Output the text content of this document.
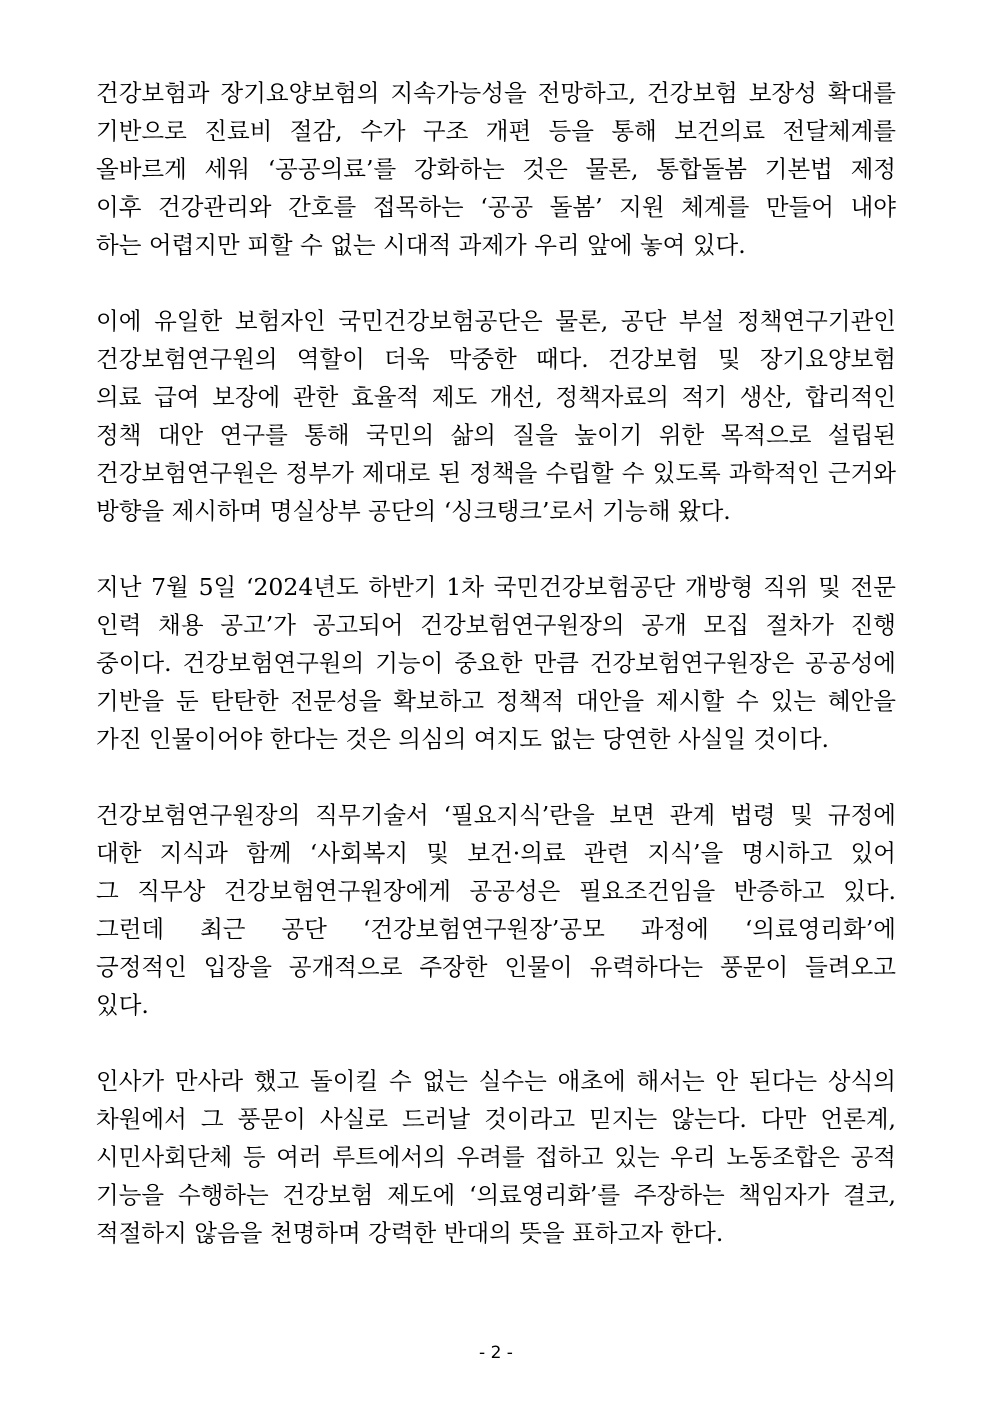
건강보험과 장기요양보험의 지속가능성을 전망하고, 건강보험 보장성 확대를
기반으로 진료비 절감, 수가 구조 개편 등을 통해 보건의료 전달체계를
올바르게 세워 ‘공공의료’를 강화하는 것은 물론, 통합돌봄 기본법 제정
이후 건강관리와 간호를 접목하는 ‘공공 돌봄’ 지원 체계를 만들어 내야
하는 어렵지만 피할 수 없는 시대적 과제가 우리 앞에 놓여 있다.
이에 유일한 보험자인 국민건강보험공단은 물론, 공단 부설 정책연구기관인
건강보험연구원의 역할이 더욱 막중한 때다. 건강보험 및 장기요양보험
의료 급여 보장에 관한 효율적 제도 개선, 정책자료의 적기 생산, 합리적인
정책 대안 연구를 통해 국민의 삶의 질을 높이기 위한 목적으로 설립된
건강보험연구원은 정부가 제대로 된 정책을 수립할 수 있도록 과학적인 근거와
방향을 제시하며 명실상부 공단의 ‘싱크탱크’로서 기능해 왔다.
지난 7월 5일 ‘2024년도 하반기 1차 국민건강보험공단 개방형 직위 및 전문
인력 채용 공고’가 공고되어 건강보험연구원장의 공개 모집 절차가 진행
중이다. 건강보험연구원의 기능이 중요한 만큼 건강보험연구원장은 공공성에
기반을 둔 탄탄한 전문성을 확보하고 정책적 대안을 제시할 수 있는 혜안을
가진 인물이어야 한다는 것은 의심의 여지도 없는 당연한 사실일 것이다.
건강보험연구원장의 직무기술서 ‘필요지식’란을 보면 관계 법령 및 규정에
대한 지식과 함께 ‘사회복지 및 보건·의료 관련 지식’을 명시하고 있어
그 직무상 건강보험연구원장에게 공공성은 필요조건임을 반증하고 있다.
그런데 최근 공단 ‘건강보험연구원장’공모 과정에 ‘의료영리화’에
긍정적인 입장을 공개적으로 주장한 인물이 유력하다는 풍문이 들려오고
있다.
인사가 만사라 했고 돌이킬 수 없는 실수는 애초에 해서는 안 된다는 상식의
차원에서 그 풍문이 사실로 드러날 것이라고 믿지는 않는다. 다만 언론계,
시민사회단체 등 여러 루트에서의 우려를 접하고 있는 우리 노동조합은 공적
기능을 수행하는 건강보험 제도에 ‘의료영리화’를 주장하는 책임자가 결코,
적절하지 않음을 천명하며 강력한 반대의 뜻을 표하고자 한다.
- 2 -
